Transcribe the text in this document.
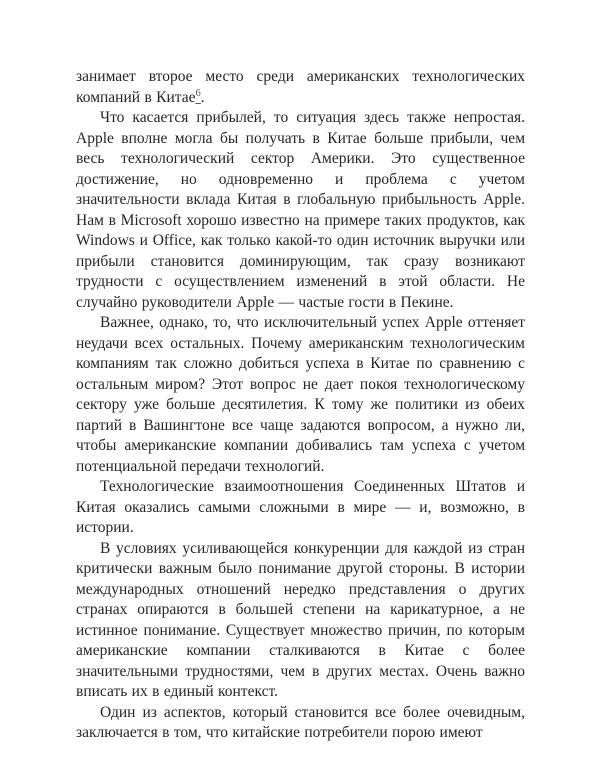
занимает второе место среди американских технологических компаний в Китае$^6$.

Что касается прибылей, то ситуация здесь также непростая. Apple вполне могла бы получать в Китае больше прибыли, чем весь технологический сектор Америки. Это существенное достижение, но одновременно и проблема с учетом значительности вклада Китая в глобальную прибыльность Apple. Нам в Microsoft хорошо известно на примере таких продуктов, как Windows и Office, как только какой-то один источник выручки или прибыли становится доминирующим, так сразу возникают трудности с осуществлением изменений в этой области. Не случайно руководители Apple — частые гости в Пекине.

Важнее, однако, то, что исключительный успех Apple оттеняет неудачи всех остальных. Почему американским технологическим компаниям так сложно добиться успеха в Китае по сравнению с остальным миром? Этот вопрос не дает покоя технологическому сектору уже больше десятилетия. К тому же политики из обеих партий в Вашингтоне все чаще задаются вопросом, а нужно ли, чтобы американские компании добивались там успеха с учетом потенциальной передачи технологий.

Технологические взаимоотношения Соединенных Штатов и Китая оказались самыми сложными в мире — и, возможно, в истории.

В условиях усиливающейся конкуренции для каждой из стран критически важным было понимание другой стороны. В истории международных отношений нередко представления о других странах опираются в большей степени на карикатурное, а не истинное понимание. Существует множество причин, по которым американские компании сталкиваются в Китае с более значительными трудностями, чем в других местах. Очень важно вписать их в единый контекст.

Один из аспектов, который становится все более очевидным, заключается в том, что китайские потребители порою имеют
